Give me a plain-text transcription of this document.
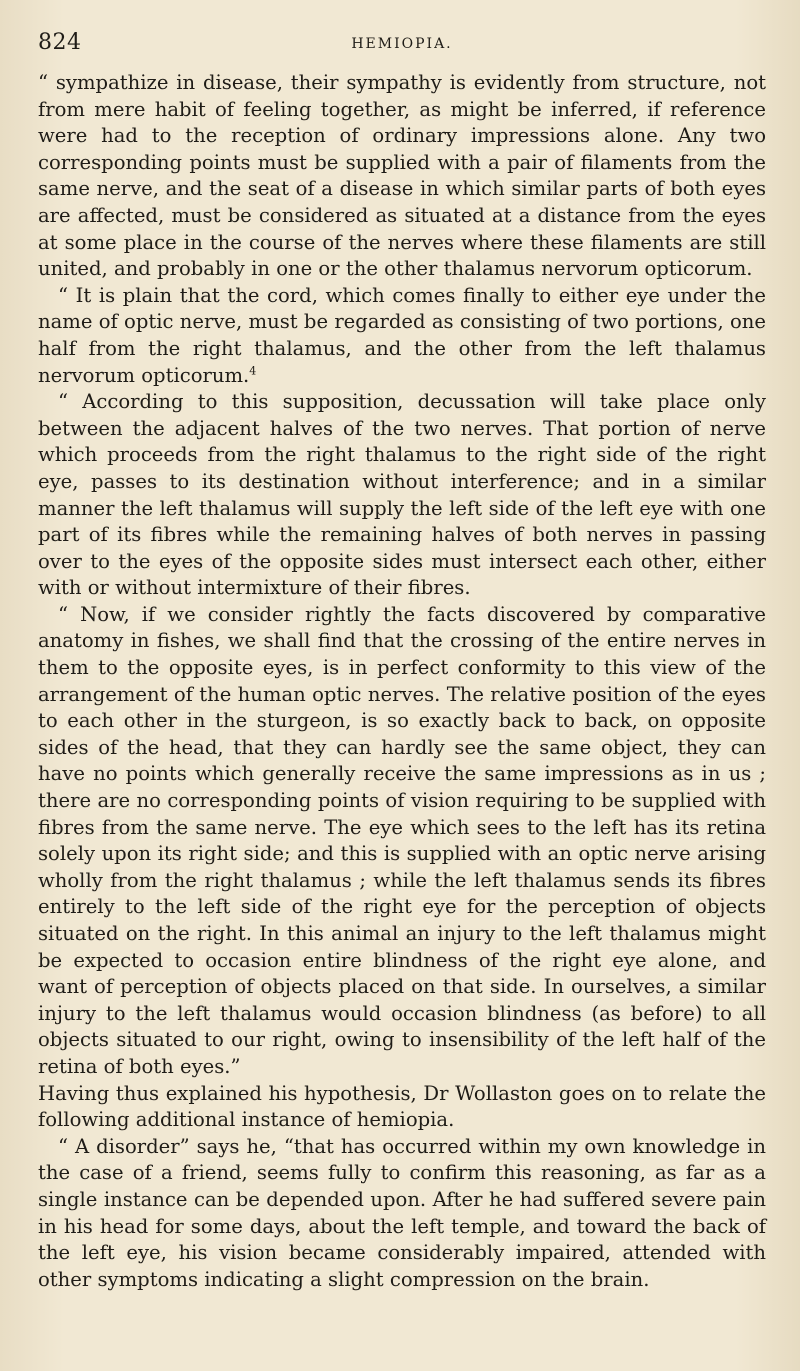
824	HEMIOPIA.

“ sympathize in disease, their sympathy is evidently from structure, not from mere habit of feeling together, as might be inferred, if reference were had to the reception of ordinary impressions alone. Any two corresponding points must be supplied with a pair of filaments from the same nerve, and the seat of a disease in which similar parts of both eyes are affected, must be considered as situated at a distance from the eyes at some place in the course of the nerves where these filaments are still united, and probably in one or the other thalamus nervorum opticorum.

“ It is plain that the cord, which comes finally to either eye under the name of optic nerve, must be regarded as consisting of two portions, one half from the right thalamus, and the other from the left thalamus nervorum opticorum.$^4$

“ According to this supposition, decussation will take place only between the adjacent halves of the two nerves. That portion of nerve which proceeds from the right thalamus to the right side of the right eye, passes to its destination without interference; and in a similar manner the left thalamus will supply the left side of the left eye with one part of its fibres while the remaining halves of both nerves in passing over to the eyes of the opposite sides must intersect each other, either with or without intermixture of their fibres.

“ Now, if we consider rightly the facts discovered by comparative anatomy in fishes, we shall find that the crossing of the entire nerves in them to the opposite eyes, is in perfect conformity to this view of the arrangement of the human optic nerves. The relative position of the eyes to each other in the sturgeon, is so exactly back to back, on opposite sides of the head, that they can hardly see the same object, they can have no points which generally receive the same impressions as in us ; there are no corresponding points of vision requiring to be supplied with fibres from the same nerve. The eye which sees to the left has its retina solely upon its right side; and this is supplied with an optic nerve arising wholly from the right thalamus ; while the left thalamus sends its fibres entirely to the left side of the right eye for the perception of objects situated on the right. In this animal an injury to the left thalamus might be expected to occasion entire blindness of the right eye alone, and want of perception of objects placed on that side. In ourselves, a similar injury to the left thalamus would occasion blindness (as before) to all objects situated to our right, owing to insensibility of the left half of the retina of both eyes.”

Having thus explained his hypothesis, Dr Wollaston goes on to relate the following additional instance of hemiopia.

“ A disorder” says he, “that has occurred within my own knowledge in the case of a friend, seems fully to confirm this reasoning, as far as a single instance can be depended upon. After he had suffered severe pain in his head for some days, about the left temple, and toward the back of the left eye, his vision became considerably impaired, attended with other symptoms indicating a slight compression on the brain.
